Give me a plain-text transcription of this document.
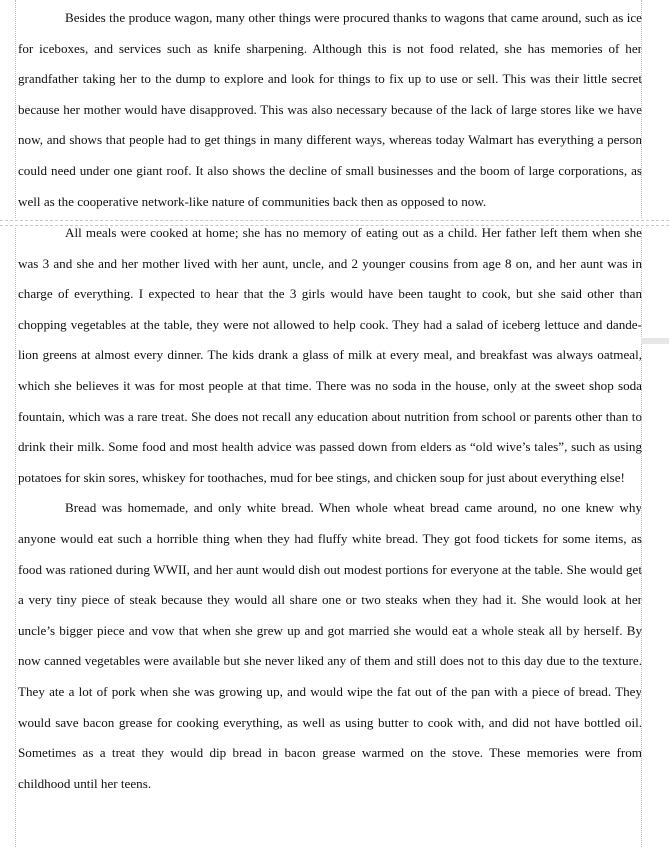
Besides the produce wagon, many other things were procured thanks to wagons that came around, such as ice for iceboxes, and services such as knife sharpening. Although this is not food related, she has memories of her grandfather taking her to the dump to explore and look for things to fix up to use or sell. This was their little secret because her mother would have disapproved. This was also necessary because of the lack of large stores like we have now, and shows that people had to get things in many different ways, whereas today Walmart has everything a person could need under one giant roof. It also shows the decline of small businesses and the boom of large corporations, as well as the cooperative network-like nature of communities back then as opposed to now.

All meals were cooked at home; she has no memory of eating out as a child. Her father left them when she was 3 and she and her mother lived with her aunt, uncle, and 2 younger cousins from age 8 on, and her aunt was in charge of everything. I expected to hear that the 3 girls would have been taught to cook, but she said other than chopping vegetables at the table, they were not allowed to help cook. They had a salad of iceberg lettuce and dandelion greens at almost every dinner. The kids drank a glass of milk at every meal, and breakfast was always oatmeal, which she believes it was for most people at that time. There was no soda in the house, only at the sweet shop soda fountain, which was a rare treat. She does not recall any education about nutrition from school or parents other than to drink their milk. Some food and most health advice was passed down from elders as “old wive’s tales”, such as using potatoes for skin sores, whiskey for toothaches, mud for bee stings, and chicken soup for just about everything else!

Bread was homemade, and only white bread. When whole wheat bread came around, no one knew why anyone would eat such a horrible thing when they had fluffy white bread. They got food tickets for some items, as food was rationed during WWII, and her aunt would dish out modest portions for everyone at the table. She would get a very tiny piece of steak because they would all share one or two steaks when they had it. She would look at her uncle’s bigger piece and vow that when she grew up and got married she would eat a whole steak all by herself. By now canned vegetables were available but she never liked any of them and still does not to this day due to the texture. They ate a lot of pork when she was growing up, and would wipe the fat out of the pan with a piece of bread. They would save bacon grease for cooking everything, as well as using butter to cook with, and did not have bottled oil. Sometimes as a treat they would dip bread in bacon grease warmed on the stove. These memories were from childhood until her teens.
